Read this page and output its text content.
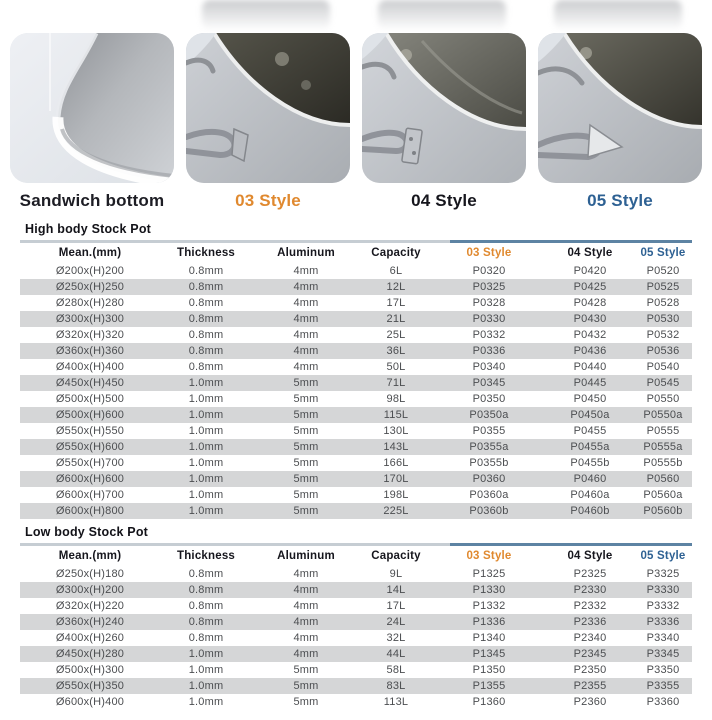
Sandwich bottom	03 Style	04 Style	05 Style
High body Stock Pot
Mean.(mm)	Thickness	Aluminum	Capacity	03 Style	04 Style	05 Style
Ø200x(H)200	0.8mm	4mm	6L	P0320	P0420	P0520
Ø250x(H)250	0.8mm	4mm	12L	P0325	P0425	P0525
Ø280x(H)280	0.8mm	4mm	17L	P0328	P0428	P0528
Ø300x(H)300	0.8mm	4mm	21L	P0330	P0430	P0530
Ø320x(H)320	0.8mm	4mm	25L	P0332	P0432	P0532
Ø360x(H)360	0.8mm	4mm	36L	P0336	P0436	P0536
Ø400x(H)400	0.8mm	4mm	50L	P0340	P0440	P0540
Ø450x(H)450	1.0mm	5mm	71L	P0345	P0445	P0545
Ø500x(H)500	1.0mm	5mm	98L	P0350	P0450	P0550
Ø500x(H)600	1.0mm	5mm	115L	P0350a	P0450a	P0550a
Ø550x(H)550	1.0mm	5mm	130L	P0355	P0455	P0555
Ø550x(H)600	1.0mm	5mm	143L	P0355a	P0455a	P0555a
Ø550x(H)700	1.0mm	5mm	166L	P0355b	P0455b	P0555b
Ø600x(H)600	1.0mm	5mm	170L	P0360	P0460	P0560
Ø600x(H)700	1.0mm	5mm	198L	P0360a	P0460a	P0560a
Ø600x(H)800	1.0mm	5mm	225L	P0360b	P0460b	P0560b
Low body Stock Pot
Mean.(mm)	Thickness	Aluminum	Capacity	03 Style	04 Style	05 Style
Ø250x(H)180	0.8mm	4mm	9L	P1325	P2325	P3325
Ø300x(H)200	0.8mm	4mm	14L	P1330	P2330	P3330
Ø320x(H)220	0.8mm	4mm	17L	P1332	P2332	P3332
Ø360x(H)240	0.8mm	4mm	24L	P1336	P2336	P3336
Ø400x(H)260	0.8mm	4mm	32L	P1340	P2340	P3340
Ø450x(H)280	1.0mm	4mm	44L	P1345	P2345	P3345
Ø500x(H)300	1.0mm	5mm	58L	P1350	P2350	P3350
Ø550x(H)350	1.0mm	5mm	83L	P1355	P2355	P3355
Ø600x(H)400	1.0mm	5mm	113L	P1360	P2360	P3360
